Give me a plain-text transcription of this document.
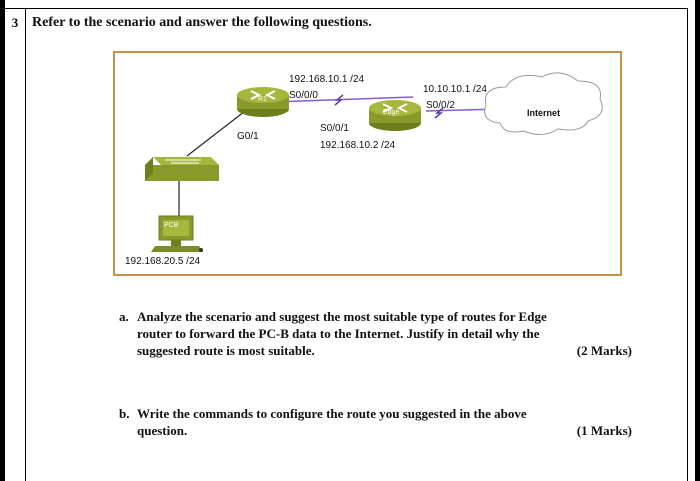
3 Refer to the scenario and answer the following questions.
R1
Edge
PCB
Internet
192.168.10.1 /24
S0/0/0
G0/1
S0/0/1
192.168.10.2 /24
10.10.10.1 /24
S0/0/2
192.168.20.5 /24
a. Analyze the scenario and suggest the most suitable type of routes for Edge
router to forward the PC-B data to the Internet. Justify in detail why the
suggested route is most suitable.	(2 Marks)
b. Write the commands to configure the route you suggested in the above
question.	(1 Marks)
